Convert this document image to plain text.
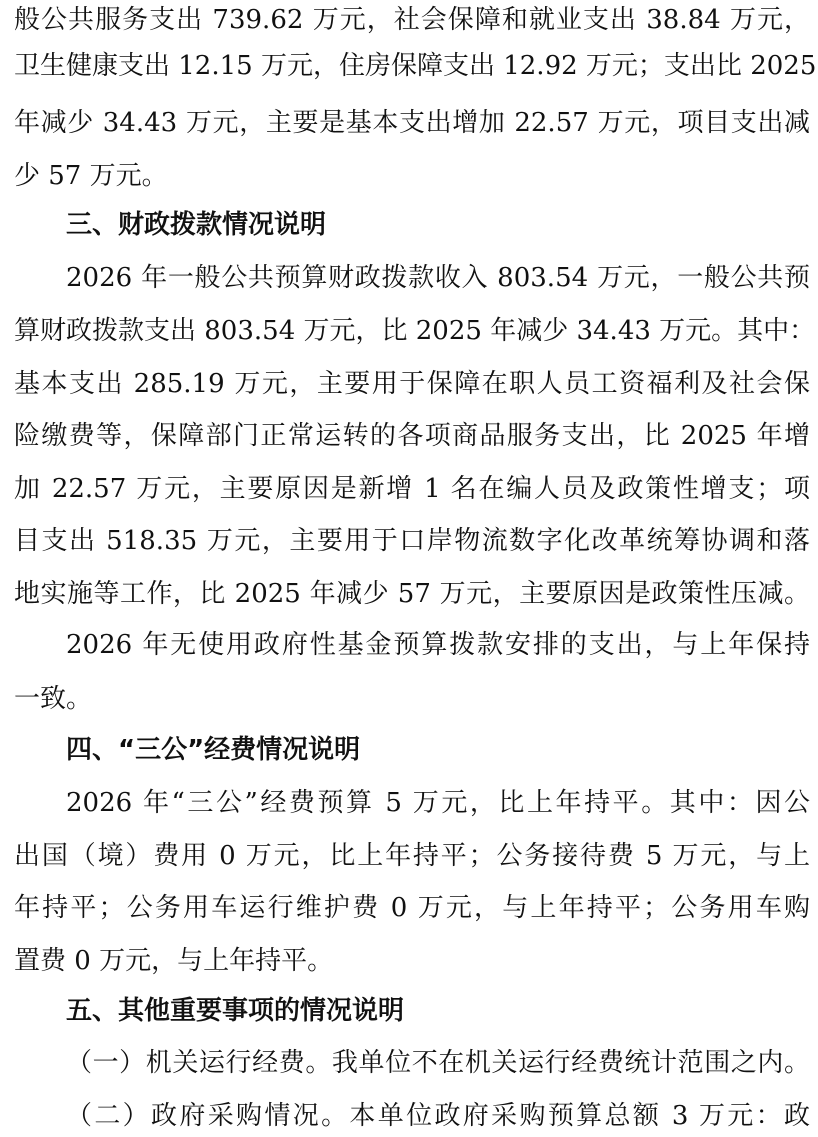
般公共服务支出 739.62 万元，社会保障和就业支出 38.84 万元，
卫生健康支出 12.15 万元，住房保障支出 12.92 万元；支出比 2025
年减少 34.43 万元，主要是基本支出增加 22.57 万元，项目支出减
少 57 万元。
三、财政拨款情况说明
2026 年一般公共预算财政拨款收入 803.54 万元，一般公共预
算财政拨款支出 803.54 万元，比 2025 年减少 34.43 万元。其中：
基本支出 285.19 万元，主要用于保障在职人员工资福利及社会保
险缴费等，保障部门正常运转的各项商品服务支出，比 2025 年增
加 22.57 万元，主要原因是新增 1 名在编人员及政策性增支；项
目支出 518.35 万元，主要用于口岸物流数字化改革统筹协调和落
地实施等工作，比 2025 年减少 57 万元，主要原因是政策性压减。
2026 年无使用政府性基金预算拨款安排的支出，与上年保持
一致。
四、“三公”经费情况说明
2026 年“三公”经费预算 5 万元，比上年持平。其中：因公
出国（境）费用 0 万元，比上年持平；公务接待费 5 万元，与上
年持平；公务用车运行维护费 0 万元，与上年持平；公务用车购
置费 0 万元，与上年持平。
五、其他重要事项的情况说明
（一）机关运行经费。我单位不在机关运行经费统计范围之内。
（二）政府采购情况。本单位政府采购预算总额 3 万元：政
